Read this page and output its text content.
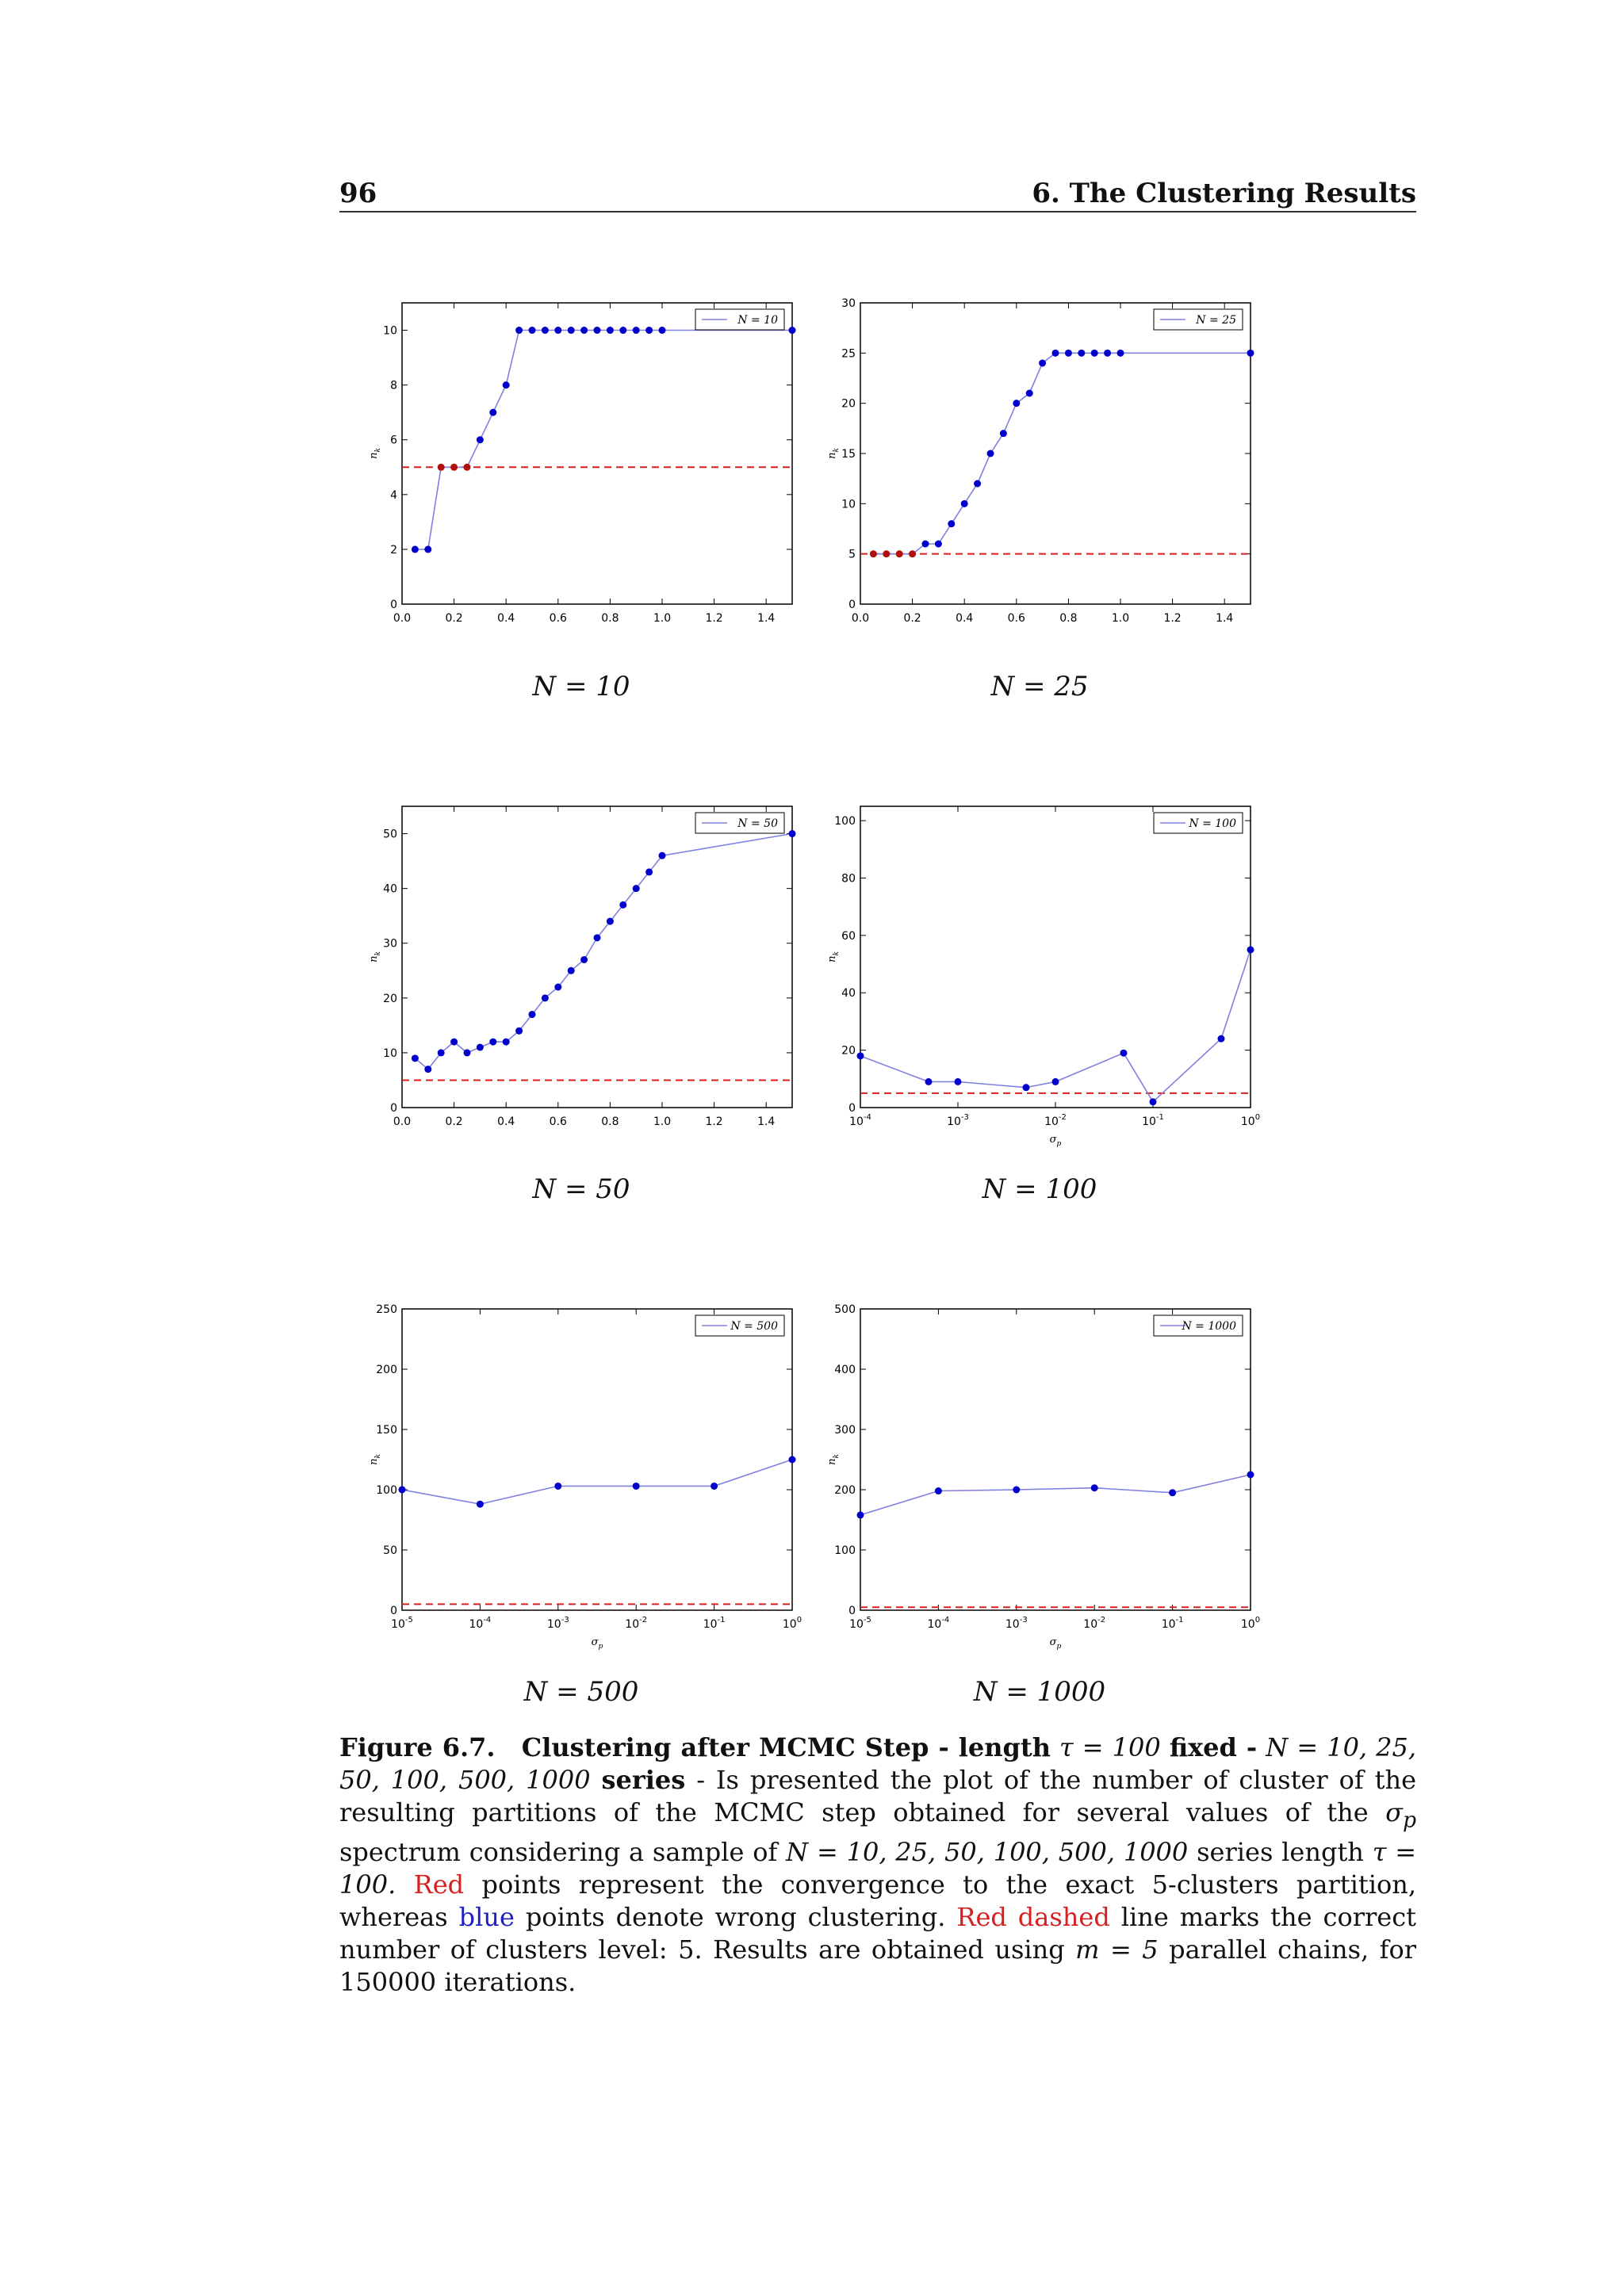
96	6. The Clustering Results
0.0	0.2	0.4	0.6	0.8	1.0	1.2	1.4
0
2
4
6
8
10
$n_k$
N = 10
0.0	0.2	0.4	0.6	0.8	1.0	1.2	1.4
0
5
10
15
20
25
30
$n_k$
N = 25
0.0	0.2	0.4	0.6	0.8	1.0	1.2	1.4
0
10
20
30
40
50
$n_k$
N = 50
$10^{-4}$	$10^{-3}$	$10^{-2}$	$10^{-1}$	$10^0$
0
20
40
60
80
100
$n_k$
$\sigma_p$
N = 100
$10^{-5}$	$10^{-4}$	$10^{-3}$	$10^{-2}$	$10^{-1}$	$10^0$
0
50
100
150
200
250
$n_k$
$\sigma_p$
N = 500
$10^{-5}$	$10^{-4}$	$10^{-3}$	$10^{-2}$	$10^{-1}$	$10^0$
0
100
200
300
400
500
$n_k$
$\sigma_p$
N = 1000
N = 10	N = 25
N = 50	N = 100
N = 500	N = 1000
Figure 6.7. Clustering after MCMC Step - length τ = 100 fixed - N = 10, 25, 50, 100, 500, 1000 series - Is presented the plot of the number of cluster of the resulting partitions of the MCMC step obtained for several values of the $\sigma_p$ spectrum considering a sample of N = 10, 25, 50, 100, 500, 1000 series length τ = 100. Red points represent the convergence to the exact 5-clusters partition, whereas blue points denote wrong clustering. Red dashed line marks the correct number of clusters level: 5. Results are obtained using m = 5 parallel chains, for 150000 iterations.
